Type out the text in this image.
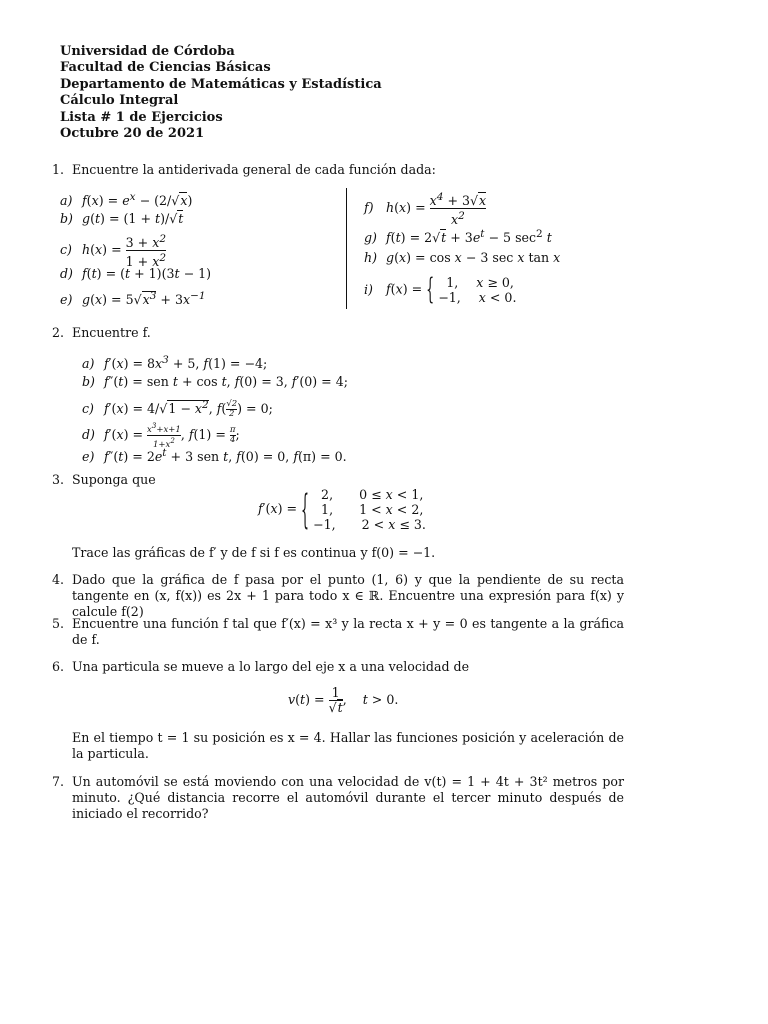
Universidad de Córdoba
Facultad de Ciencias Básicas
Departamento de Matemáticas y Estadística
Cálculo Integral
Lista # 1 de Ejercicios
Octubre 20 de 2021
1. Encuentre la antiderivada general de cada función dada:
a) $f(x) = e^x - (2/√x)$
b) g(t) = (1 + t)/√t
c) $h(x) = \frac{3 + x^2}{1 + x^2}$
d) f(t) = (t + 1)(3t − 1)
e) $g(x) = 5√x^3 + 3x^{-1}$
f) $h(x) = \frac{x^4 + 3√x}{x^2}$
g) $f(t) = 2√t + 3e^t - 5$ $\sec^2 t$
h) g(x) = cos x − 3 sec x tan x
i) f(x) = { 1, x ≥ 0,
−1, x < 0.
2. Encuentre f.
a) $f'(x) = 8x^3 + 5$, f(1) = −4;
b) f″(t) = sen t + cos t, f(0) = 3, f′(0) = 4;
c) $f'(x) = 4/√1 - x^2$, $f( \frac{√2}{2}$ ) = 0;
d) $f'(x) = \frac{x^3+x+1}{1+x^2}$ , $f(1) = \frac{\pi}{4}$ ;
e) $f''(t) = 2e^t + 3$ sen t, f(0) = 0, f(π) = 0.
3. Suponga que
f′(x) = { 2, 0 ≤ x < 1,
1, 1 < x < 2,
−1, 2 < x ≤ 3.
Trace las gráficas de f′ y de f si f es continua y f(0) = −1.
4. Dado que la gráfica de f pasa por el punto (1, 6) y que la pendiente de su recta tangente en (x, f(x)) es 2x + 1 para todo x ∈ ℝ. Encuentre una expresión para f(x) y calcule f(2)
5. Encuentre una función f tal que f′(x) = x³ y la recta x + y = 0 es tangente a la gráfica de f.
6. Una particula se mueve a lo largo del eje x a una velocidad de
$v(t) = \frac{1}{√t}$ ,    t > 0.
En el tiempo t = 1 su posición es x = 4. Hallar las funciones posición y aceleración de la particula.
7. Un automóvil se está moviendo con una velocidad de v(t) = 1 + 4t + 3t² metros por minuto. ¿Qué distancia recorre el automóvil durante el tercer minuto después de iniciado el recorrido?
